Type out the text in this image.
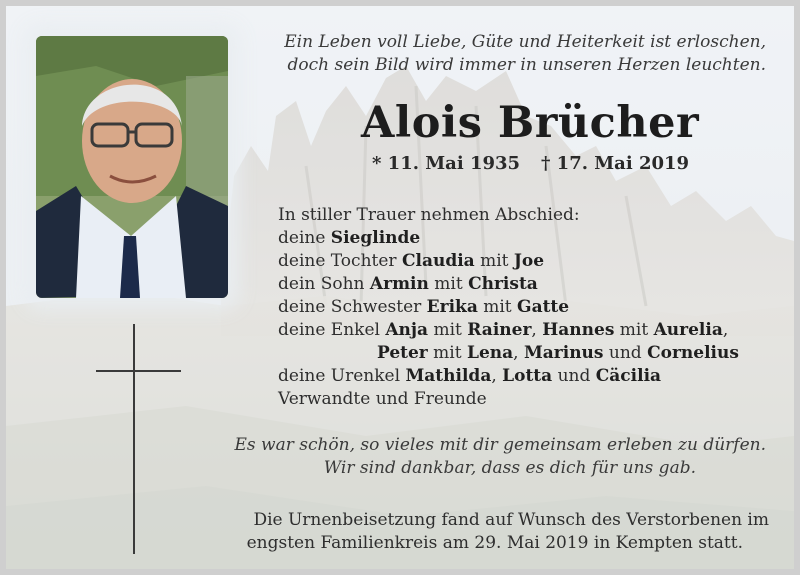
Ein Leben voll Liebe, Güte und Heiterkeit ist erloschen,
doch sein Bild wird immer in unseren Herzen leuchten.
Alois Brücher
* 11. Mai 1935 † 17. Mai 2019
In stiller Trauer nehmen Abschied:
deine Sieglinde
deine Tochter Claudia mit Joe
dein Sohn Armin mit Christa
deine Schwester Erika mit Gatte
deine Enkel Anja mit Rainer, Hannes mit Aurelia,
Peter mit Lena, Marinus und Cornelius
deine Urenkel Mathilda, Lotta und Cäcilia
Verwandte und Freunde
Es war schön, so vieles mit dir gemeinsam erleben zu dürfen.
Wir sind dankbar, dass es dich für uns gab.
Die Urnenbeisetzung fand auf Wunsch des Verstorbenen im
engsten Familienkreis am 29. Mai 2019 in Kempten statt.
